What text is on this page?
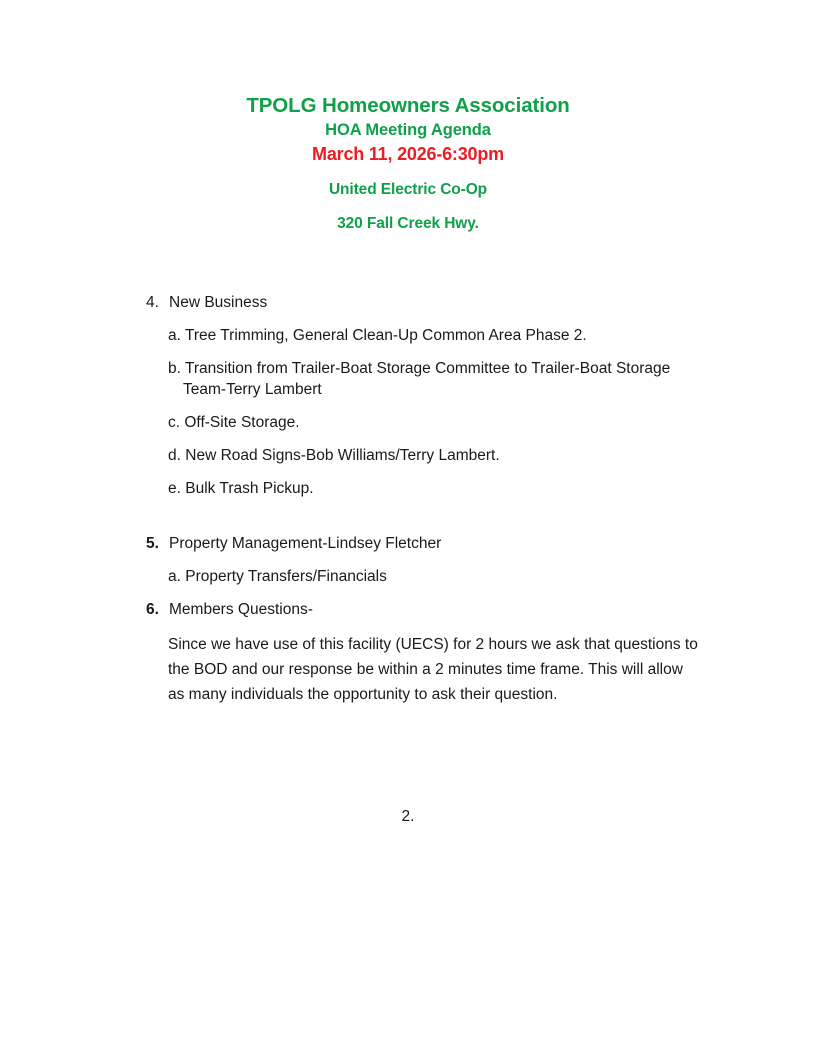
TPOLG Homeowners Association
HOA Meeting Agenda
March 11, 2026-6:30pm
United Electric Co-Op
320 Fall Creek Hwy.
4. New Business
a. Tree Trimming, General Clean-Up Common Area Phase 2.
b. Transition from Trailer-Boat Storage Committee to Trailer-Boat Storage Team-Terry Lambert
c. Off-Site Storage.
d. New Road Signs-Bob Williams/Terry Lambert.
e. Bulk Trash Pickup.
5. Property Management-Lindsey Fletcher
a. Property Transfers/Financials
6. Members Questions-
Since we have use of this facility (UECS) for 2 hours we ask that questions to the BOD and our response be within a 2 minutes time frame. This will allow as many individuals the opportunity to ask their question.
2.
